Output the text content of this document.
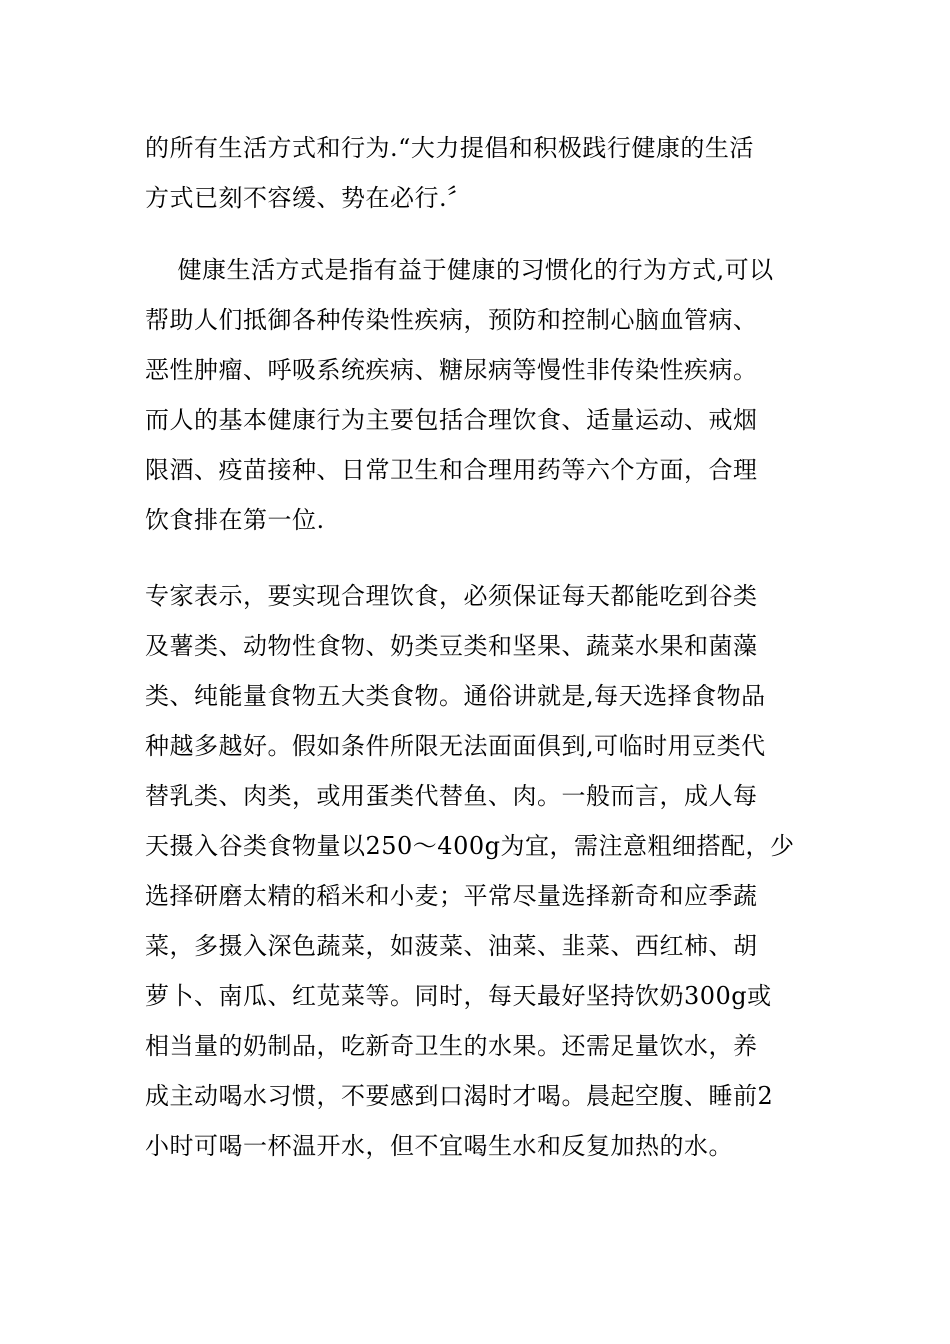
的所有生活方式和行为.“大力提倡和积极践行健康的生活
方式已刻不容缓、势在必行.〞
健康生活方式是指有益于健康的习惯化的行为方式,可以
帮助人们抵御各种传染性疾病，预防和控制心脑血管病、
恶性肿瘤、呼吸系统疾病、糖尿病等慢性非传染性疾病。
而人的基本健康行为主要包括合理饮食、适量运动、戒烟
限酒、疫苗接种、日常卫生和合理用药等六个方面，合理
饮食排在第一位.
专家表示，要实现合理饮食，必须保证每天都能吃到谷类
及薯类、动物性食物、奶类豆类和坚果、蔬菜水果和菌藻
类、纯能量食物五大类食物。通俗讲就是,每天选择食物品
种越多越好。假如条件所限无法面面俱到,可临时用豆类代
替乳类、肉类，或用蛋类代替鱼、肉。一般而言，成人每
天摄入谷类食物量以250～400g为宜，需注意粗细搭配，少
选择研磨太精的稻米和小麦；平常尽量选择新奇和应季蔬
菜，多摄入深色蔬菜，如菠菜、油菜、韭菜、西红柿、胡
萝卜、南瓜、红苋菜等。同时，每天最好坚持饮奶300g或
相当量的奶制品，吃新奇卫生的水果。还需足量饮水，养
成主动喝水习惯，不要感到口渴时才喝。晨起空腹、睡前2
小时可喝一杯温开水，但不宜喝生水和反复加热的水。
